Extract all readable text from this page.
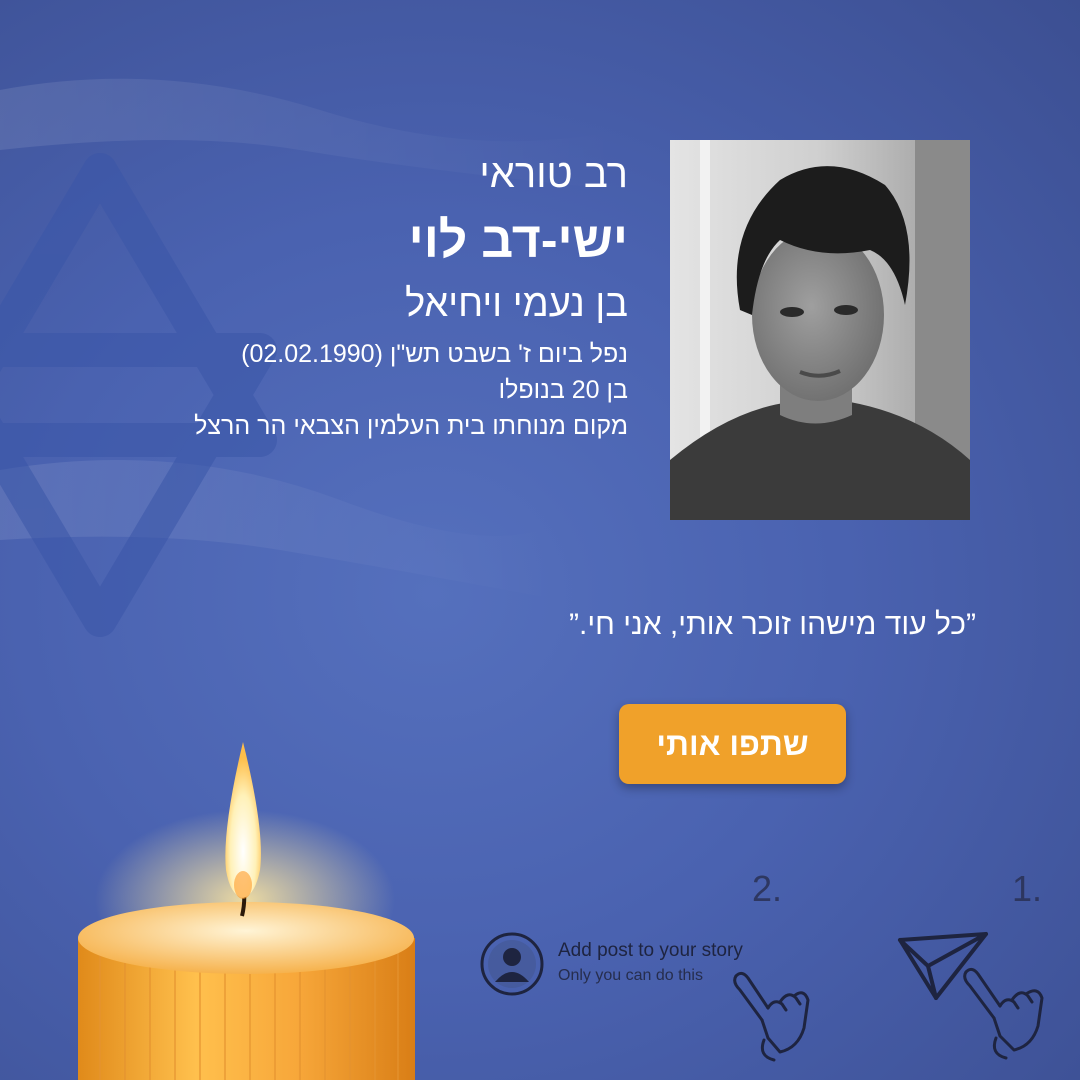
רב טוראי

ישי-דב לוי

בן נעמי ויחיאל

נפל ביום ז' בשבט תש"ן (02.02.1990)

בן 20 בנופלו

מקום מנוחתו בית העלמין הצבאי הר הרצל

”כל עוד מישהו זוכר אותי, אני חי.”

שתפו אותי
2.	1.

Add post to your story

Only you can do this
